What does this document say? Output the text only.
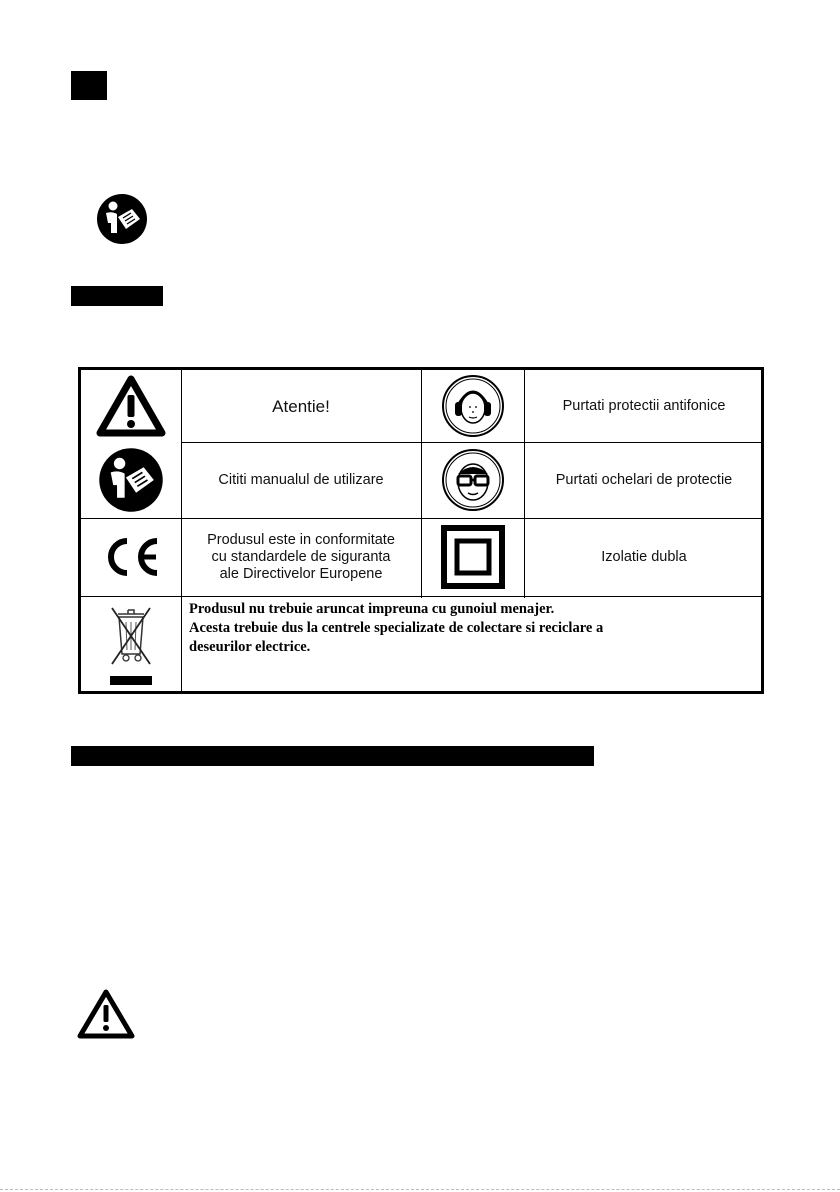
Atentie!	Purtati protectii antifonice
Cititi manualul de utilizare	Purtati ochelari de protectie
Produsul este in conformitate
cu standardele de siguranta
ale Directivelor Europene
Izolatie dubla
Produsul nu trebuie aruncat impreuna cu gunoiul menajer.
Acesta trebuie dus la centrele specializate de colectare si reciclare a
deseurilor electrice.
